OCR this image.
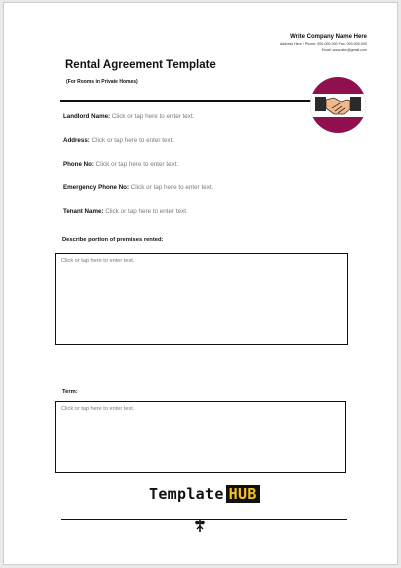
Write Company Name Here
Address Here / Phone: 000-000-000 Fax: 000-000-000
Email: www.abc@gmail.com
Rental Agreement Template
(For Rooms in Private Homes)
Landlord Name: Click or tap here to enter text.
Address: Click or tap here to enter text.
Phone No: Click or tap here to enter text.
Emergency Phone No: Click or tap here to enter text.
Tenant Name: Click or tap here to enter text.
Describe portion of premises rented:
Click or tap here to enter text.
Term:
Click or tap here to enter text.
Template HUB
